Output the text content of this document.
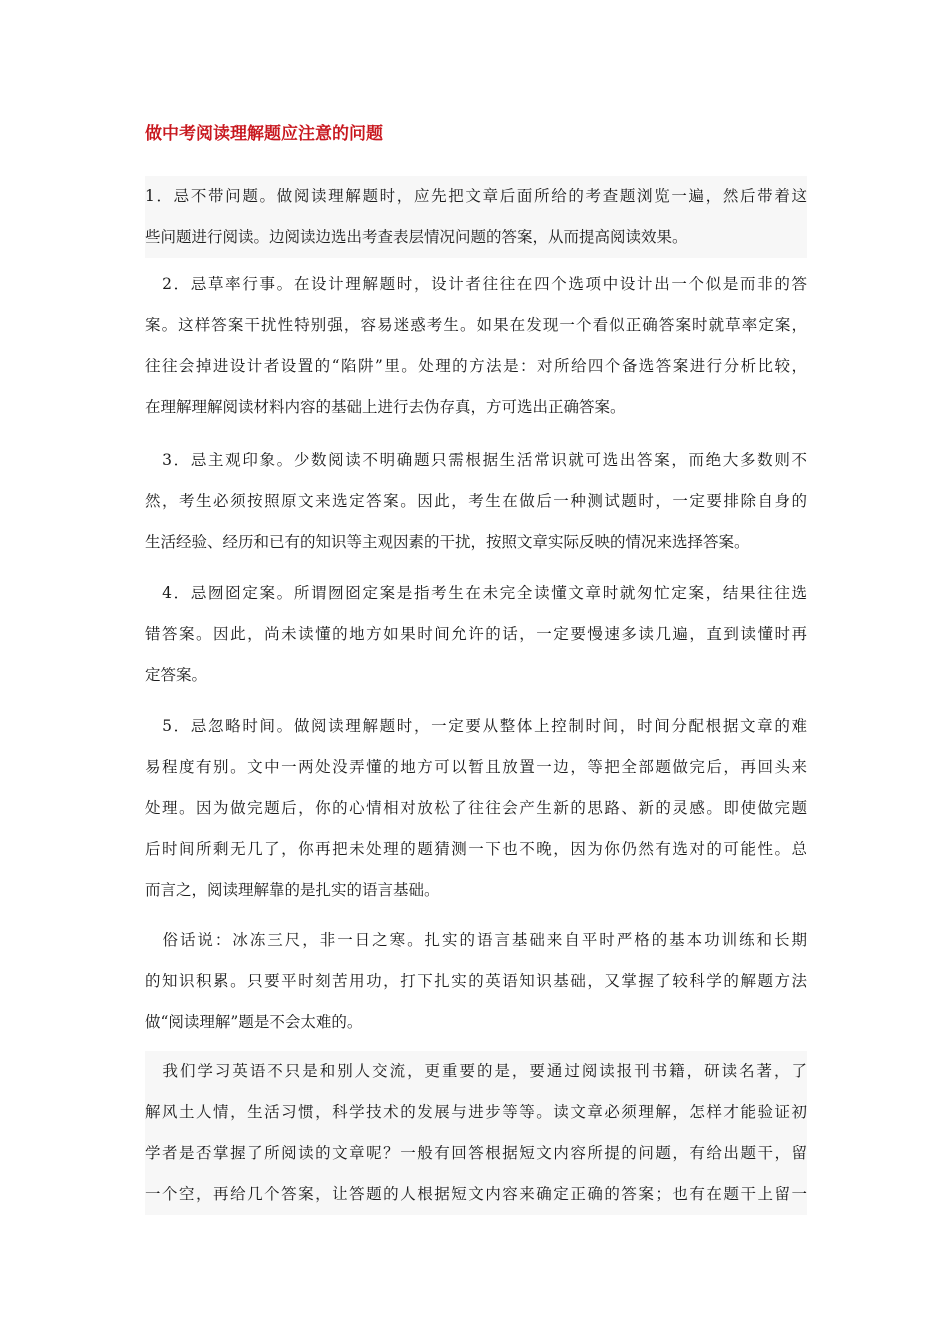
做中考阅读理解题应注意的问题

1．忌不带问题。做阅读理解题时，应先把文章后面所给的考查题浏览一遍，然后带着这
些问题进行阅读。边阅读边选出考查表层情况问题的答案，从而提高阅读效果。

　2．忌草率行事。在设计理解题时，设计者往往在四个选项中设计出一个似是而非的答
案。这样答案干扰性特别强，容易迷惑考生。如果在发现一个看似正确答案时就草率定案，
往往会掉进设计者设置的“陷阱”里。处理的方法是：对所给四个备选答案进行分析比较，
在理解理解阅读材料内容的基础上进行去伪存真，方可选出正确答案。

　3．忌主观印象。少数阅读不明确题只需根据生活常识就可选出答案，而绝大多数则不
然，考生必须按照原文来选定答案。因此，考生在做后一种测试题时，一定要排除自身的
生活经验、经历和已有的知识等主观因素的干扰，按照文章实际反映的情况来选择答案。

　4．忌囫囵定案。所谓囫囵定案是指考生在未完全读懂文章时就匆忙定案，结果往往选
错答案。因此，尚未读懂的地方如果时间允许的话，一定要慢速多读几遍，直到读懂时再
定答案。

　5．忌忽略时间。做阅读理解题时，一定要从整体上控制时间，时间分配根据文章的难
易程度有别。文中一两处没弄懂的地方可以暂且放置一边，等把全部题做完后，再回头来
处理。因为做完题后，你的心情相对放松了往往会产生新的思路、新的灵感。即使做完题
后时间所剩无几了，你再把未处理的题猜测一下也不晚，因为你仍然有选对的可能性。总
而言之，阅读理解靠的是扎实的语言基础。

　俗话说：冰冻三尺，非一日之寒。扎实的语言基础来自平时严格的基本功训练和长期
的知识积累。只要平时刻苦用功，打下扎实的英语知识基础，又掌握了较科学的解题方法
做“阅读理解”题是不会太难的。

　我们学习英语不只是和别人交流，更重要的是，要通过阅读报刊书籍，研读名著，了
解风土人情，生活习惯，科学技术的发展与进步等等。读文章必须理解，怎样才能验证初
学者是否掌握了所阅读的文章呢？一般有回答根据短文内容所提的问题，有给出题干，留
一个空，再给几个答案，让答题的人根据短文内容来确定正确的答案；也有在题干上留一
